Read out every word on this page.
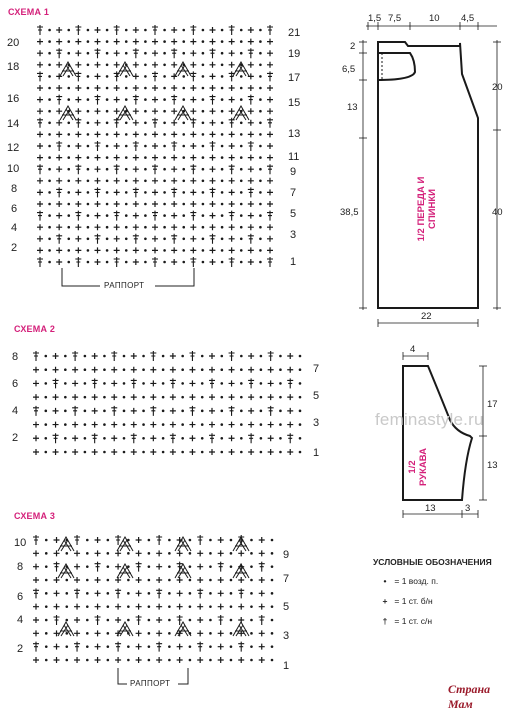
СХЕМА 1
20
18
16
14
12
10
8
6
4
2
21
19
17
15
13
11
9
7
5
3
1
РАППОРТ
СХЕМА 2
8
6
4
2
7
5
3
1
СХЕМА 3
10
8
6
4
2
9
7
5
3
1
РАППОРТ
1,5 7,5	10 4,5
2
6,5
13
38,5
20
40
22
1/2 ПЕРЕДА И СПИНКИ
4
17
13
13	3
1/2 РУКАВА
feminastyle.ru
УСЛОВНЫЕ ОБОЗНАЧЕНИЯ
• = 1 возд. п.
+ = 1 ст. б/н
† = 1 ст. с/н
Страна Мам
